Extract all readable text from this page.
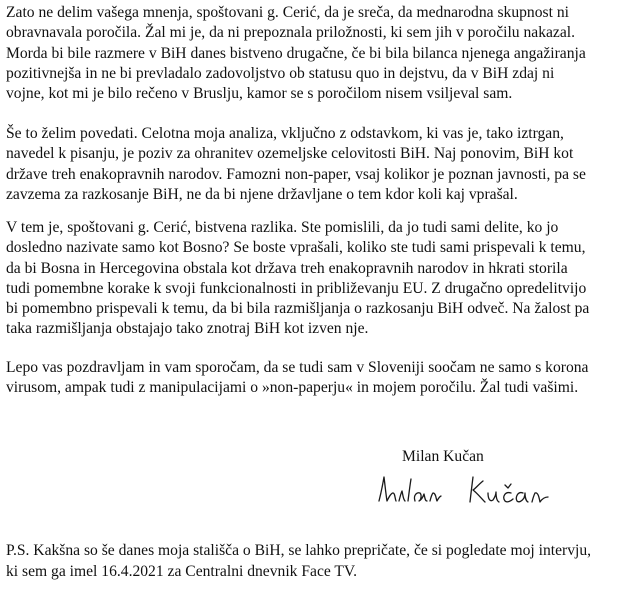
Zato ne delim vašega mnenja, spoštovani g. Cerić, da je sreča, da mednarodna skupnost ni
obravnavala poročila. Žal mi je, da ni prepoznala priložnosti, ki sem jih v poročilu nakazal.
Morda bi bile razmere v BiH danes bistveno drugačne, če bi bila bilanca njenega angažiranja
pozitivnejša in ne bi prevladalo zadovoljstvo ob statusu quo in dejstvu, da v BiH zdaj ni
vojne, kot mi je bilo rečeno v Bruslju, kamor se s poročilom nisem vsiljeval sam.

Še to želim povedati. Celotna moja analiza, vključno z odstavkom, ki vas je, tako iztrgan,
navedel k pisanju, je poziv za ohranitev ozemeljske celovitosti BiH. Naj ponovim, BiH kot
države treh enakopravnih narodov. Famozni non-paper, vsaj kolikor je poznan javnosti, pa se
zavzema za razkosanje BiH, ne da bi njene državljane o tem kdor koli kaj vprašal.

V tem je, spoštovani g. Cerić, bistvena razlika. Ste pomislili, da jo tudi sami delite, ko jo
dosledno nazivate samo kot Bosno? Se boste vprašali, koliko ste tudi sami prispevali k temu,
da bi Bosna in Hercegovina obstala kot država treh enakopravnih narodov in hkrati storila
tudi pomembne korake k svoji funkcionalnosti in približevanju EU. Z drugačno opredelitvijo
bi pomembno prispevali k temu, da bi bila razmišljanja o razkosanju BiH odveč. Na žalost pa
taka razmišljanja obstajajo tako znotraj BiH kot izven nje.

Lepo vas pozdravljam in vam sporočam, da se tudi sam v Sloveniji soočam ne samo s korona
virusom, ampak tudi z manipulacijami o »non-paperju« in mojem poročilu. Žal tudi vašimi.

Milan Kučan

P.S. Kakšna so še danes moja stališča o BiH, se lahko prepričate, če si pogledate moj intervju,
ki sem ga imel 16.4.2021 za Centralni dnevnik Face TV.
